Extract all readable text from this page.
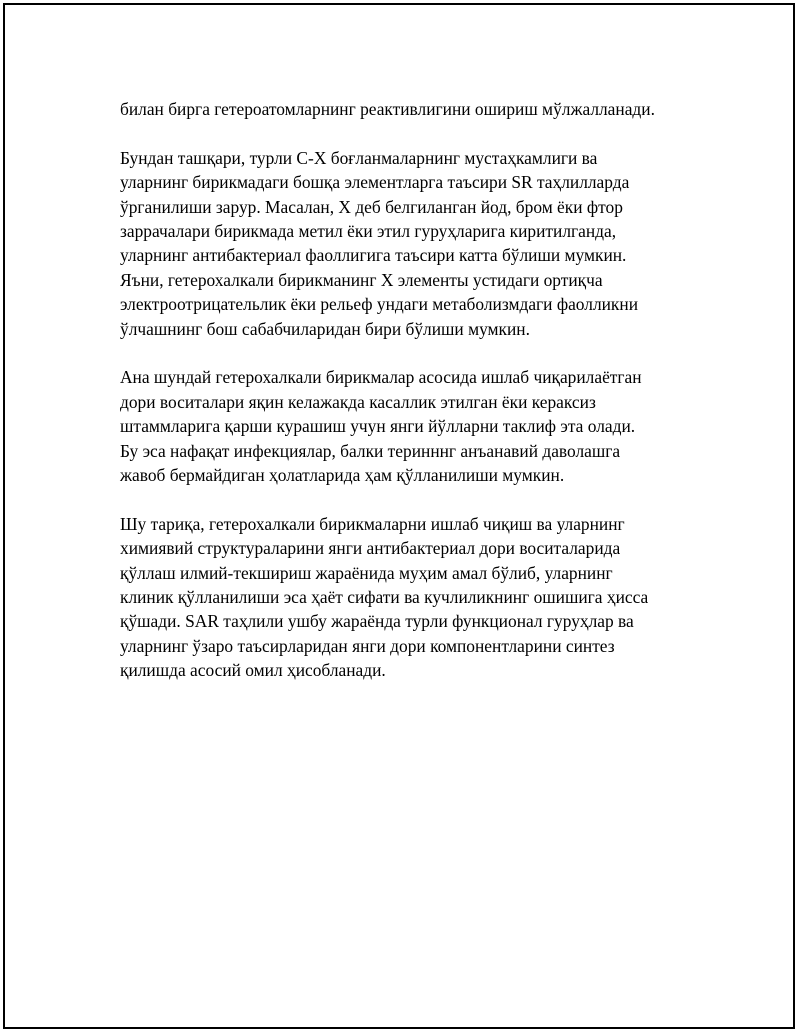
билан бирга гетероатомларнинг реактивлигини ошириш мўлжалланади.

Бундан ташқари, турли C-X боғланмаларнинг мустаҳкамлиги ва
уларнинг бирикмадаги бошқа элементларга таъсири SR таҳлилларда
ўрганилиши зарур. Масалан, X деб белгиланган йод, бром ёки фтор
заррачалари бирикмада метил ёки этил гуруҳларига киритилганда,
уларнинг антибактериал фаоллигига таъсири катта бўлиши мумкин.
Яъни, гетерохалкали бирикманинг X элементы устидаги ортиқча
электроотрицательлик ёки рельеф ундаги метаболизмдаги фаолликни
ўлчашнинг бош сабабчиларидан бири бўлиши мумкин.

Ана шундай гетерохалкали бирикмалар асосида ишлаб чиқарилаётган
дори воситалари яқин келажакда касаллик этилган ёки кераксиз
штаммларига қарши курашиш учун янги йўлларни таклиф эта олади.
Бу эса нафақат инфекциялар, балки теринннг анъанавий даволашга
жавоб бермайдиган ҳолатларида ҳам қўлланилиши мумкин.

Шу тариқа, гетерохалкали бирикмаларни ишлаб чиқиш ва уларнинг
химиявий структураларини янги антибактериал дори воситаларида
қўллаш илмий-текшириш жараёнида муҳим амал бўлиб, уларнинг
клиник қўлланилиши эса ҳаёт сифати ва кучлиликнинг ошишига ҳисса
қўшади. SAR таҳлили ушбу жараёнда турли функционал гуруҳлар ва
уларнинг ўзаро таъсирларидан янги дори компонентларини синтез
қилишда асосий омил ҳисобланади.
